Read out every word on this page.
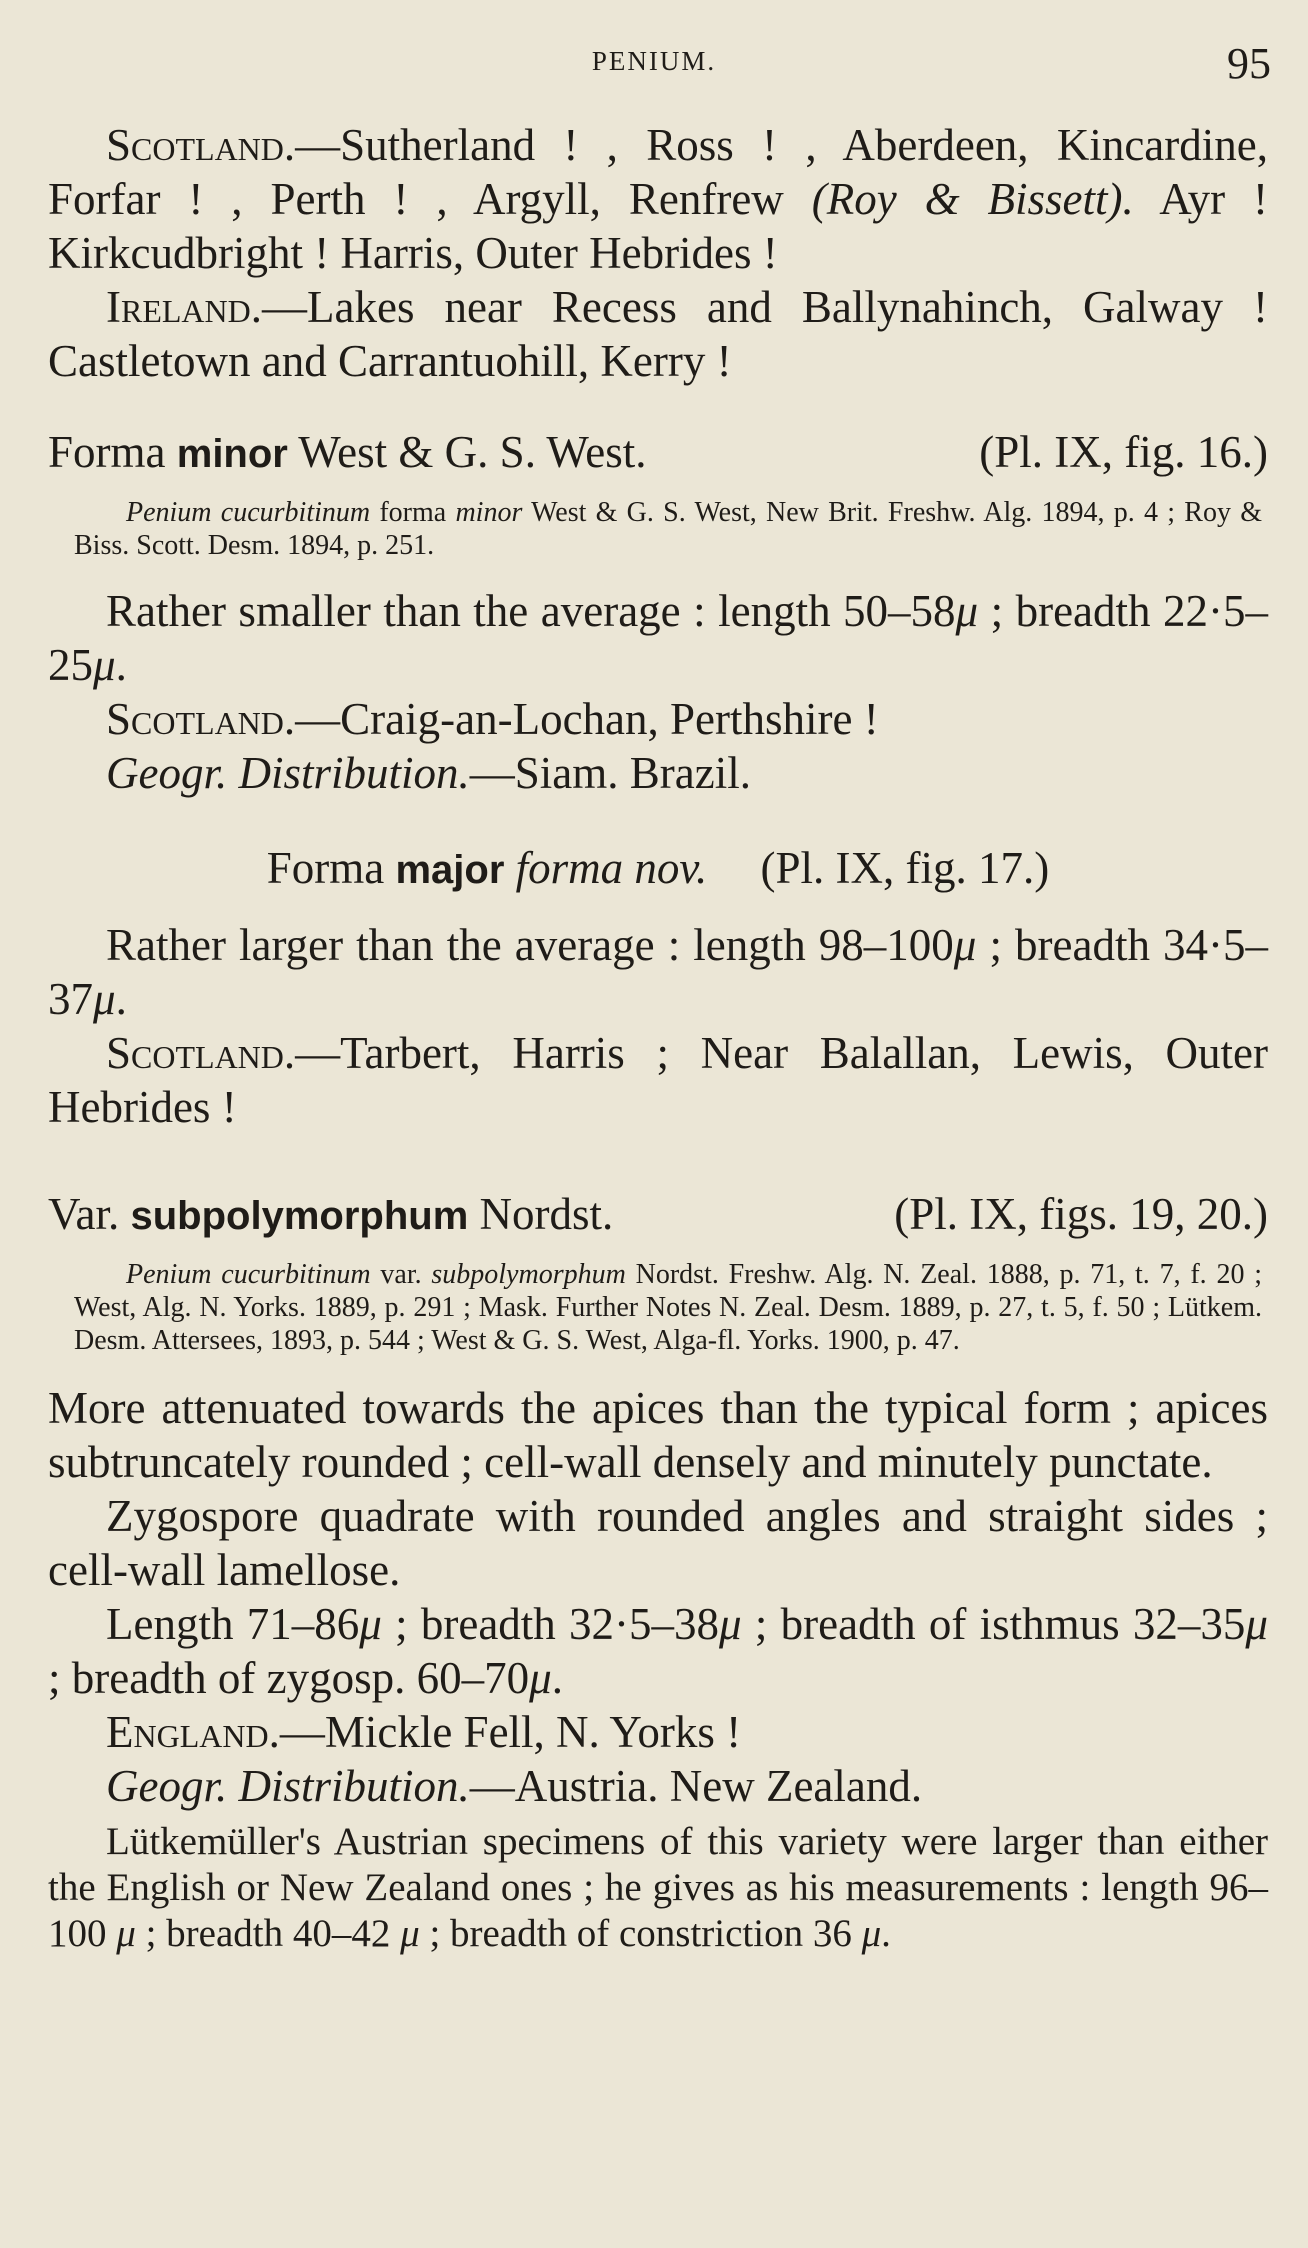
PENIUM.	95

Scotland.—Sutherland ! , Ross ! , Aberdeen, Kincardine, Forfar ! , Perth ! , Argyll, Renfrew (Roy & Bissett). Ayr ! Kirkcudbright ! Harris, Outer Hebrides !

Ireland.—Lakes near Recess and Ballynahinch, Galway ! Castletown and Carrantuohill, Kerry !

Forma minor West & G. S. West.	(Pl. IX, fig. 16.)

Penium cucurbitinum forma minor West & G. S. West, New Brit. Freshw. Alg. 1894, p. 4 ; Roy & Biss. Scott. Desm. 1894, p. 251.

Rather smaller than the average : length 50–58μ ; breadth 22·5–25μ.

Scotland.—Craig-an-Lochan, Perthshire !

Geogr. Distribution.—Siam. Brazil.

Forma major forma nov. (Pl. IX, fig. 17.)

Rather larger than the average : length 98–100μ ; breadth 34·5–37μ.

Scotland.—Tarbert, Harris ; Near Balallan, Lewis, Outer Hebrides !

Var. subpolymorphum Nordst.	(Pl. IX, figs. 19, 20.)

Penium cucurbitinum var. subpolymorphum Nordst. Freshw. Alg. N. Zeal. 1888, p. 71, t. 7, f. 20 ; West, Alg. N. Yorks. 1889, p. 291 ; Mask. Further Notes N. Zeal. Desm. 1889, p. 27, t. 5, f. 50 ; Lütkem. Desm. Attersees, 1893, p. 544 ; West & G. S. West, Alga-fl. Yorks. 1900, p. 47.

More attenuated towards the apices than the typical form ; apices subtruncately rounded ; cell-wall densely and minutely punctate.

Zygospore quadrate with rounded angles and straight sides ; cell-wall lamellose.

Length 71–86μ ; breadth 32·5–38μ ; breadth of isthmus 32–35μ ; breadth of zygosp. 60–70μ.

England.—Mickle Fell, N. Yorks !

Geogr. Distribution.—Austria. New Zealand.

Lütkemüller's Austrian specimens of this variety were larger than either the English or New Zealand ones ; he gives as his measurements : length 96–100 μ ; breadth 40–42 μ ; breadth of constriction 36 μ.
